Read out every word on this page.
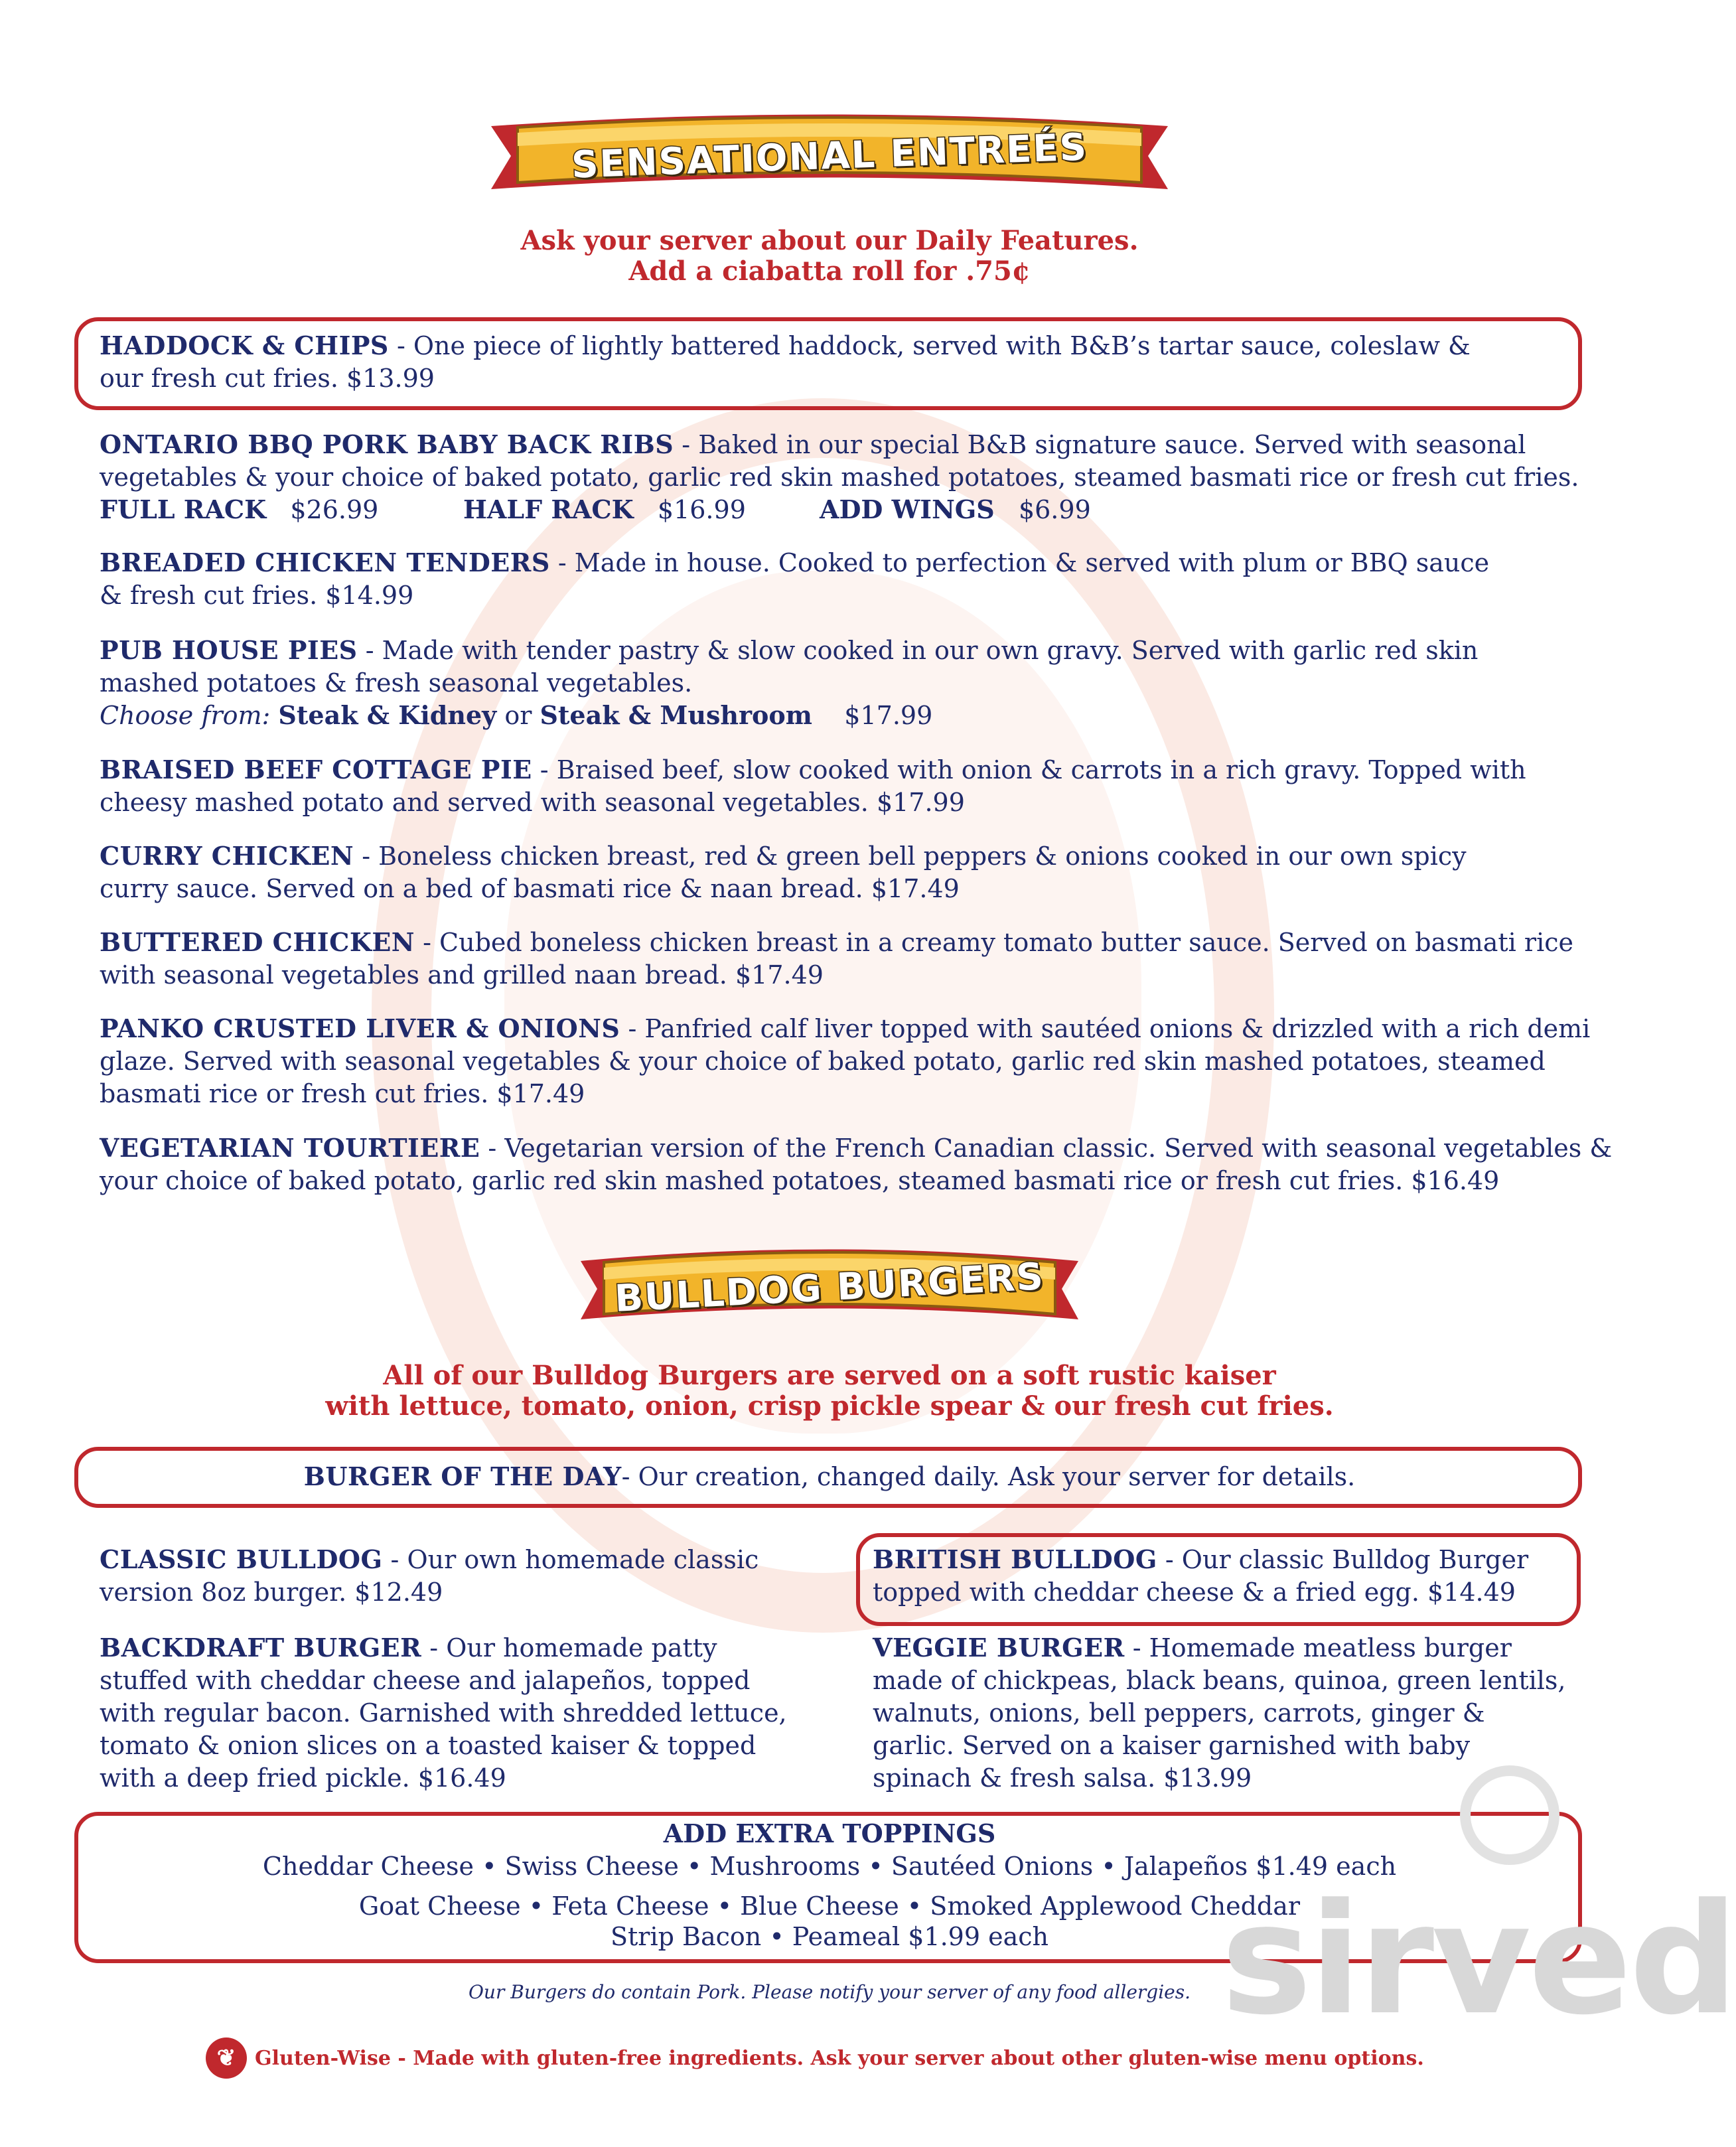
SENSATIONAL ENTREÉS
Ask your server about our Daily Features.
Add a ciabatta roll for .75¢
HADDOCK & CHIPS - One piece of lightly battered haddock, served with B&B’s tartar sauce, coleslaw & our fresh cut fries. $13.99
ONTARIO BBQ PORK BABY BACK RIBS - Baked in our special B&B signature sauce. Served with seasonal vegetables & your choice of baked potato, garlic red skin mashed potatoes, steamed basmati rice or fresh cut fries.
FULL RACK $26.99	HALF RACK $16.99	ADD WINGS $6.99
BREADED CHICKEN TENDERS - Made in house. Cooked to perfection & served with plum or BBQ sauce & fresh cut fries. $14.99
PUB HOUSE PIES - Made with tender pastry & slow cooked in our own gravy. Served with garlic red skin mashed potatoes & fresh seasonal vegetables.
Choose from: Steak & Kidney or Steak & Mushroom $17.99
BRAISED BEEF COTTAGE PIE - Braised beef, slow cooked with onion & carrots in a rich gravy. Topped with cheesy mashed potato and served with seasonal vegetables. $17.99
CURRY CHICKEN - Boneless chicken breast, red & green bell peppers & onions cooked in our own spicy curry sauce. Served on a bed of basmati rice & naan bread. $17.49
BUTTERED CHICKEN - Cubed boneless chicken breast in a creamy tomato butter sauce. Served on basmati rice with seasonal vegetables and grilled naan bread. $17.49
PANKO CRUSTED LIVER & ONIONS - Panfried calf liver topped with sautéed onions & drizzled with a rich demi glaze. Served with seasonal vegetables & your choice of baked potato, garlic red skin mashed potatoes, steamed basmati rice or fresh cut fries. $17.49
VEGETARIAN TOURTIERE - Vegetarian version of the French Canadian classic. Served with seasonal vegetables & your choice of baked potato, garlic red skin mashed potatoes, steamed basmati rice or fresh cut fries. $16.49
BULLDOG BURGERS
All of our Bulldog Burgers are served on a soft rustic kaiser
with lettuce, tomato, onion, crisp pickle spear & our fresh cut fries.
BURGER OF THE DAY- Our creation, changed daily. Ask your server for details.
CLASSIC BULLDOG - Our own homemade classic version 8oz burger. $12.49
BACKDRAFT BURGER - Our homemade patty stuffed with cheddar cheese and jalapeños, topped with regular bacon. Garnished with shredded lettuce, tomato & onion slices on a toasted kaiser & topped with a deep fried pickle. $16.49
BRITISH BULLDOG - Our classic Bulldog Burger topped with cheddar cheese & a fried egg. $14.49
VEGGIE BURGER - Homemade meatless burger made of chickpeas, black beans, quinoa, green lentils, walnuts, onions, bell peppers, carrots, ginger & garlic. Served on a kaiser garnished with baby spinach & fresh salsa. $13.99
ADD EXTRA TOPPINGS
Cheddar Cheese • Swiss Cheese • Mushrooms • Sautéed Onions • Jalapeños $1.49 each
Goat Cheese • Feta Cheese • Blue Cheese • Smoked Applewood Cheddar
Strip Bacon • Peameal $1.99 each
Our Burgers do contain Pork. Please notify your server of any food allergies.
❦ Gluten-Wise - Made with gluten-free ingredients. Ask your server about other gluten-wise menu options.
sirved
